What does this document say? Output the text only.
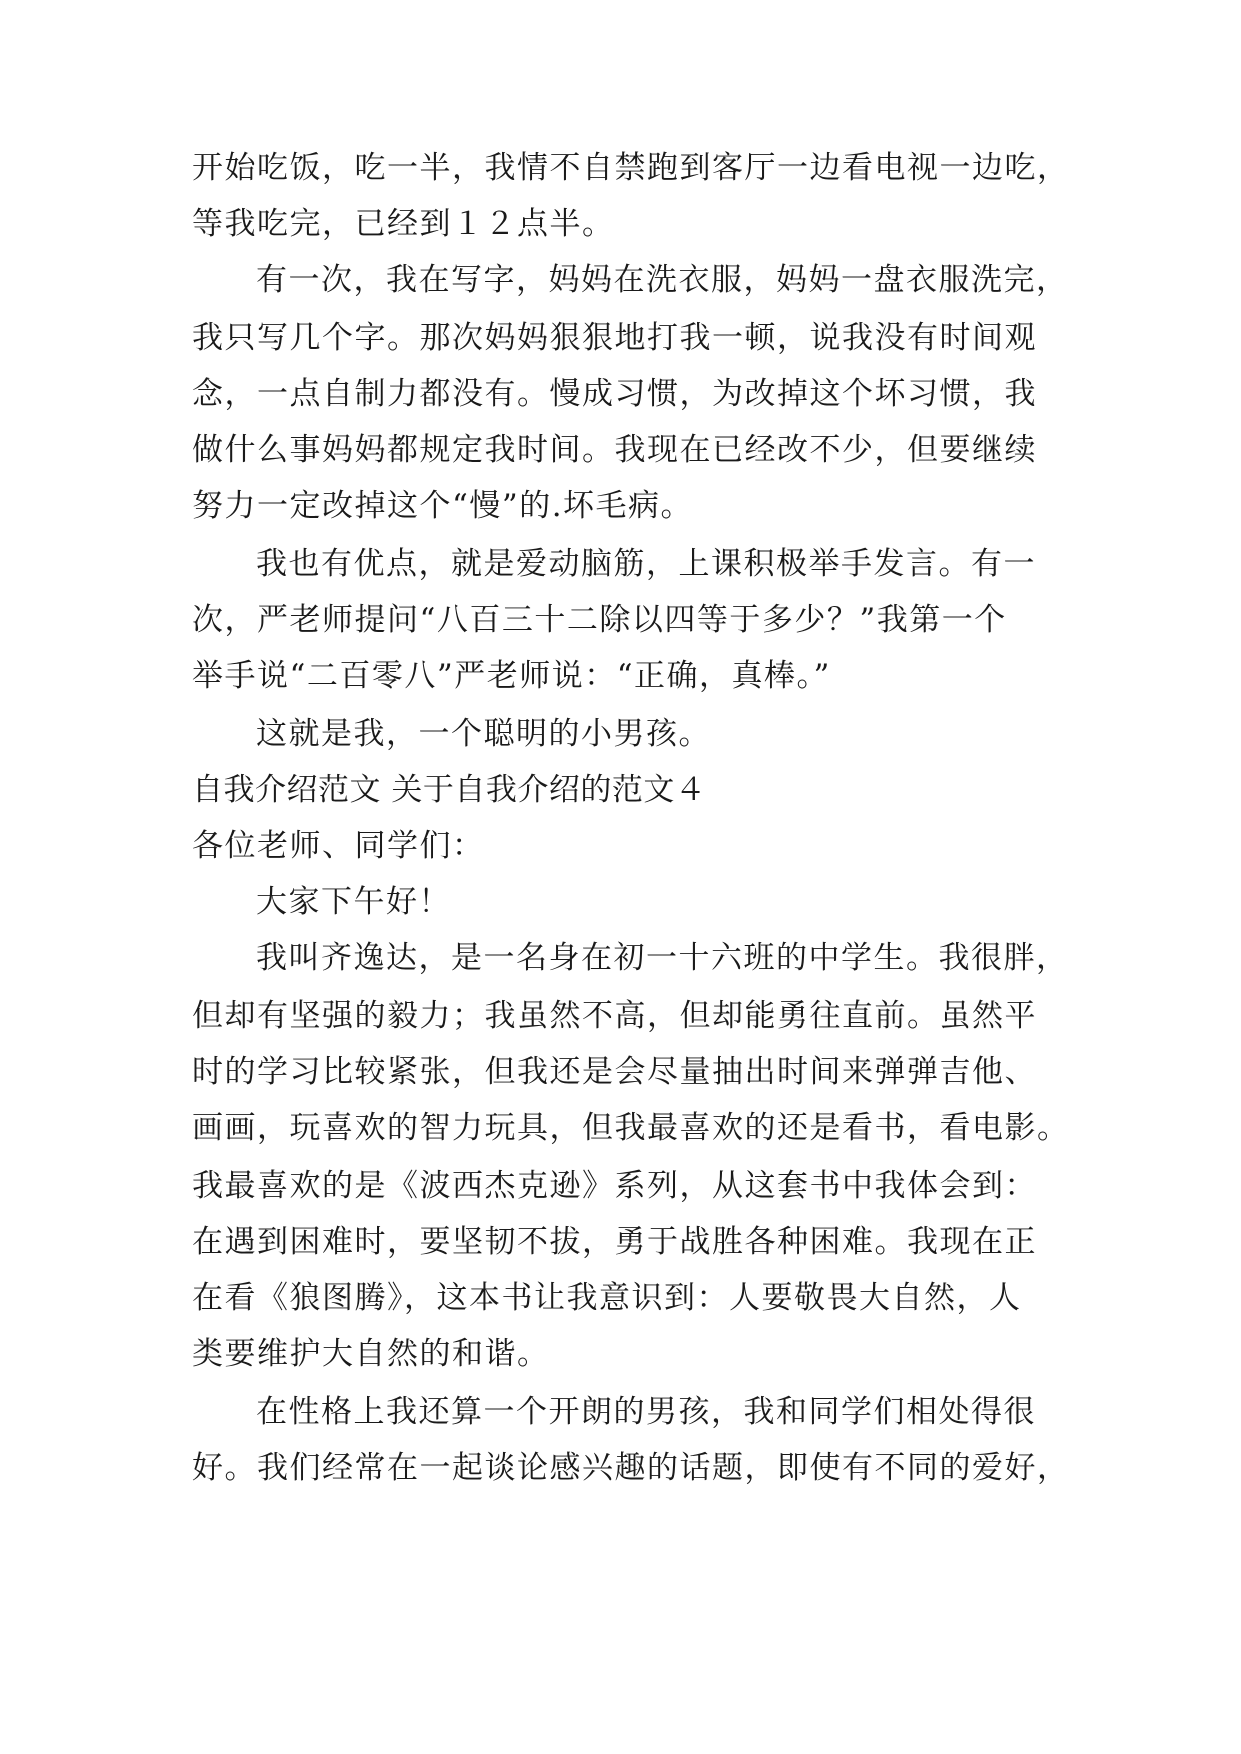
开始吃饭，吃一半，我情不自禁跑到客厅一边看电视一边吃，
等我吃完，已经到１２点半。
有一次，我在写字，妈妈在洗衣服，妈妈一盘衣服洗完，
我只写几个字。那次妈妈狠狠地打我一顿，说我没有时间观
念，一点自制力都没有。慢成习惯，为改掉这个坏习惯，我
做什么事妈妈都规定我时间。我现在已经改不少，但要继续
努力一定改掉这个“慢”的.坏毛病。
我也有优点，就是爱动脑筋，上课积极举手发言。有一
次，严老师提问“八百三十二除以四等于多少？”我第一个
举手说“二百零八”严老师说：“正确，真棒。”
这就是我，一个聪明的小男孩。
自我介绍范文 关于自我介绍的范文４
各位老师、同学们：
大家下午好！
我叫齐逸达，是一名身在初一十六班的中学生。我很胖，
但却有坚强的毅力；我虽然不高，但却能勇往直前。虽然平
时的学习比较紧张，但我还是会尽量抽出时间来弹弹吉他、
画画，玩喜欢的智力玩具，但我最喜欢的还是看书，看电影。
我最喜欢的是《波西杰克逊》系列，从这套书中我体会到：
在遇到困难时，要坚韧不拔，勇于战胜各种困难。我现在正
在看《狼图腾》，这本书让我意识到：人要敬畏大自然，人
类要维护大自然的和谐。
在性格上我还算一个开朗的男孩，我和同学们相处得很
好。我们经常在一起谈论感兴趣的话题，即使有不同的爱好，
